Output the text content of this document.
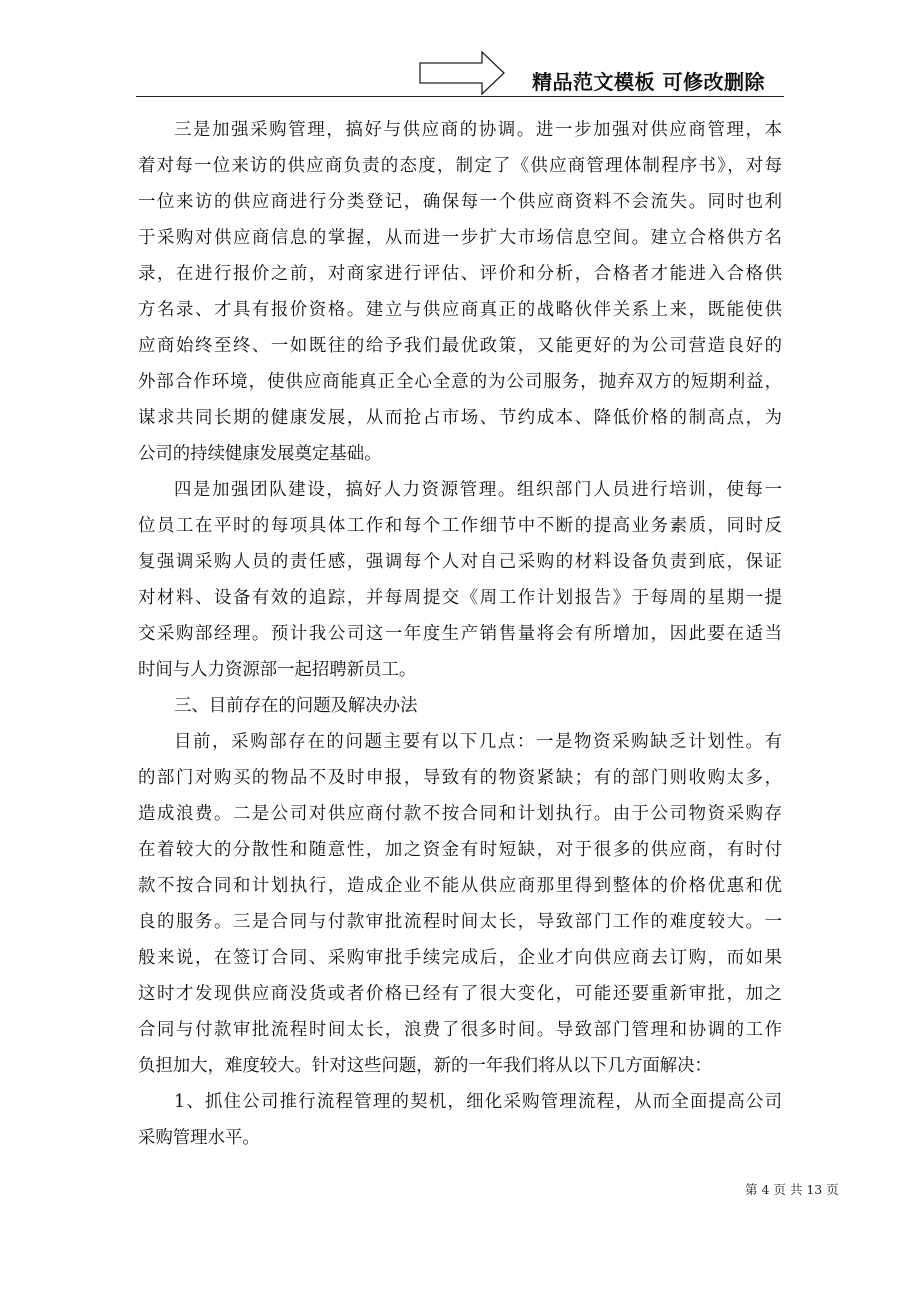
精品范文模板 可修改删除
三是加强采购管理，搞好与供应商的协调。进一步加强对供应商管理，本
着对每一位来访的供应商负责的态度，制定了《供应商管理体制程序书》，对每
一位来访的供应商进行分类登记，确保每一个供应商资料不会流失。同时也利
于采购对供应商信息的掌握，从而进一步扩大市场信息空间。建立合格供方名
录，在进行报价之前，对商家进行评估、评价和分析，合格者才能进入合格供
方名录、才具有报价资格。建立与供应商真正的战略伙伴关系上来，既能使供
应商始终至终、一如既往的给予我们最优政策，又能更好的为公司营造良好的
外部合作环境，使供应商能真正全心全意的为公司服务，抛弃双方的短期利益，
谋求共同长期的健康发展，从而抢占市场、节约成本、降低价格的制高点，为
公司的持续健康发展奠定基础。
四是加强团队建设，搞好人力资源管理。组织部门人员进行培训，使每一
位员工在平时的每项具体工作和每个工作细节中不断的提高业务素质，同时反
复强调采购人员的责任感，强调每个人对自己采购的材料设备负责到底，保证
对材料、设备有效的追踪，并每周提交《周工作计划报告》于每周的星期一提
交采购部经理。预计我公司这一年度生产销售量将会有所增加，因此要在适当
时间与人力资源部一起招聘新员工。
三、目前存在的问题及解决办法
目前，采购部存在的问题主要有以下几点：一是物资采购缺乏计划性。有
的部门对购买的物品不及时申报，导致有的物资紧缺；有的部门则收购太多，
造成浪费。二是公司对供应商付款不按合同和计划执行。由于公司物资采购存
在着较大的分散性和随意性，加之资金有时短缺，对于很多的供应商，有时付
款不按合同和计划执行，造成企业不能从供应商那里得到整体的价格优惠和优
良的服务。三是合同与付款审批流程时间太长，导致部门工作的难度较大。一
般来说，在签订合同、采购审批手续完成后，企业才向供应商去订购，而如果
这时才发现供应商没货或者价格已经有了很大变化，可能还要重新审批，加之
合同与付款审批流程时间太长，浪费了很多时间。导致部门管理和协调的工作
负担加大，难度较大。针对这些问题，新的一年我们将从以下几方面解决：
1、抓住公司推行流程管理的契机，细化采购管理流程，从而全面提高公司
采购管理水平。
第 4 页 共 13 页
